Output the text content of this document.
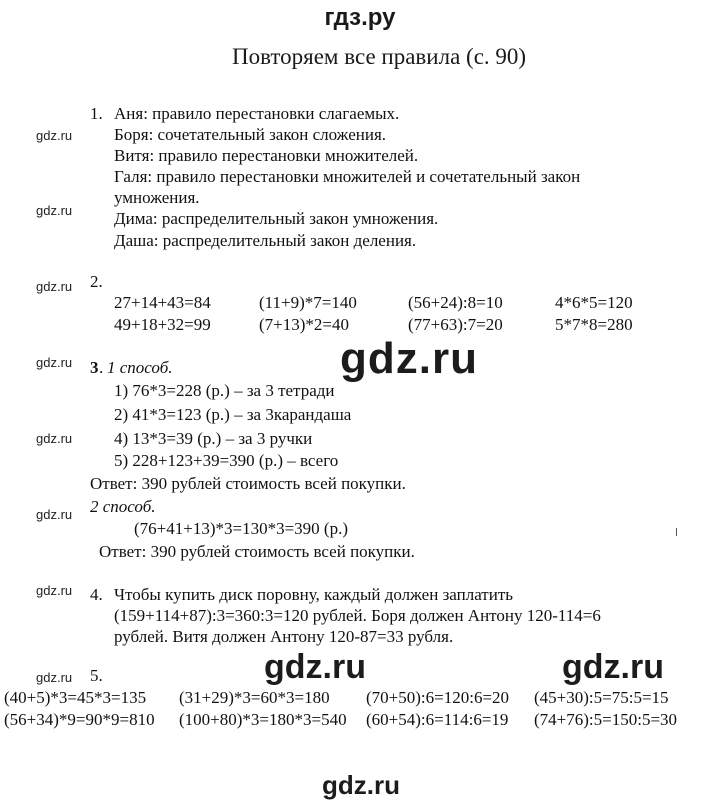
гдз.ру
Повторяем все правила (с. 90)
gdz.ru
gdz.ru
gdz.ru
gdz.ru
gdz.ru
gdz.ru
gdz.ru
gdz.ru
gdz.ru	gdz.ru
gdz.ru
1. Аня: правило перестановки слагаемых.
Боря: сочетательный закон сложения.
Витя: правило перестановки множителей.
Галя: правило перестановки множителей и сочетательный закон
умножения.
Дима: распределительный закон умножения.
Даша: распределительный закон деления.
2.
27+14+43=84	(11+9)*7=140	(56+24):8=10	4*6*5=120
49+18+32=99	(7+13)*2=40	(77+63):7=20	5*7*8=280
3 . 1 способ.
1) 76*3=228 (р.) – за 3 тетради
2) 41*3=123 (р.) – за 3карандаша
4) 13*3=39 (р.) – за 3 ручки
5) 228+123+39=390 (р.) – всего
Ответ: 390 рублей стоимость всей покупки.
2 способ.
(76+41+13)*3=130*3=390 (р.)
Ответ: 390 рублей стоимость всей покупки.
4. Чтобы купить диск поровну, каждый должен заплатить
(159+114+87):3=360:3=120 рублей. Боря должен Антону 120-114=6
рублей. Витя должен Антону 120-87=33 рубля.
5.
gdz.ru
(40+5)*3=45*3=135 (31+29)*3=60*3=180 (70+50):6=120:6=20 (45+30):5=75:5=15
(56+34)*9=90*9=810 (100+80)*3=180*3=540 (60+54):6=114:6=19 (74+76):5=150:5=30
